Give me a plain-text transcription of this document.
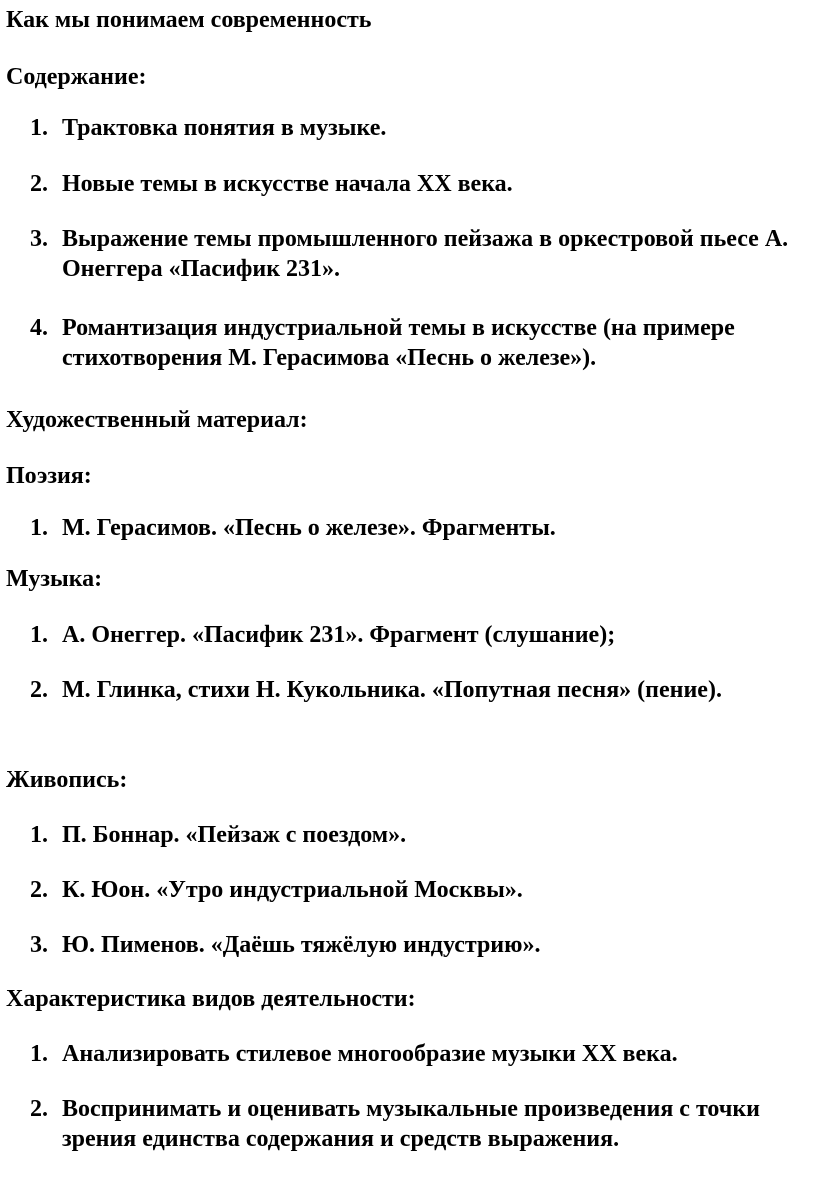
Как мы понимаем современность
Содержание:
1. Трактовка понятия в музыке.
2. Новые темы в искусстве начала XX века.
3. Выражение темы промышленного пейзажа в оркестровой пьесе А. Онеггера «Пасифик 231».
4. Романтизация индустриальной темы в искусстве (на примере стихотворения М. Герасимова «Песнь о железе»).
Художественный материал:
Поэзия:
1. М. Герасимов. «Песнь о железе». Фрагменты.
Музыка:
1. А. Онеггер. «Пасифик 231». Фрагмент (слушание);
2. М. Глинка, стихи Н. Кукольника. «Попутная песня» (пение).
Живопись:
1. П. Боннар. «Пейзаж с поездом».
2. К. Юон. «Утро индустриальной Москвы».
3. Ю. Пименов. «Даёшь тяжёлую индустрию».
Характеристика видов деятельности:
1. Анализировать стилевое многообразие музыки XX века.
2. Воспринимать и оценивать музыкальные произведения с точки зрения единства содержания и средств выражения.
